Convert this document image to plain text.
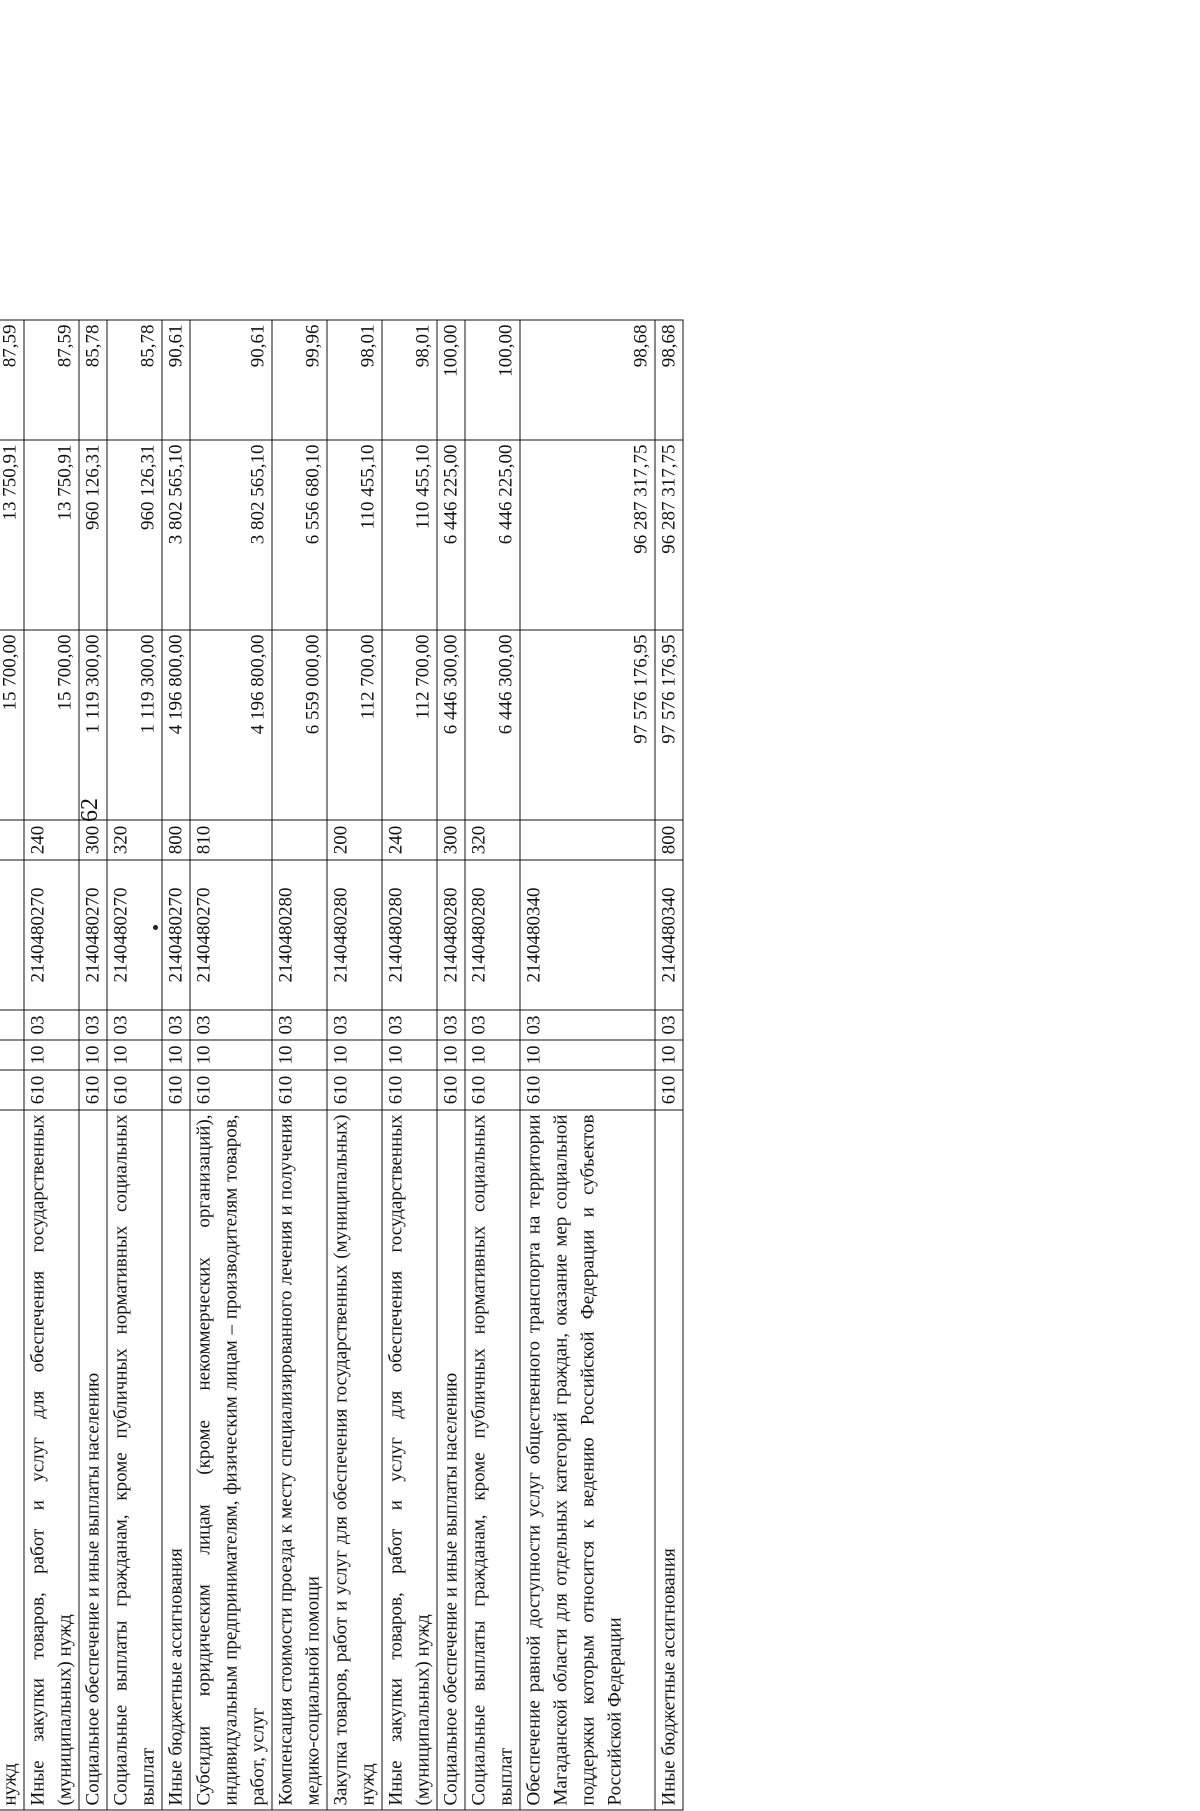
62

нужд						15 700,00	13 750,91	87,59
Иные закупки товаров, работ и услуг для обеспечения государственных (муниципальных) нужд	610	10	03	2140480270	240	15 700,00	13 750,91	87,59
Социальное обеспечение и иные выплаты населению	610	10	03	2140480270	300	1 119 300,00	960 126,31	85,78
Социальные выплаты гражданам, кроме публичных нормативных социальных выплат	610	10	03	2140480270	320	1 119 300,00	960 126,31	85,78
Иные бюджетные ассигнования	610	10	03	2140480270	800	4 196 800,00	3 802 565,10	90,61
Субсидии юридическим лицам (кроме некоммерческих организаций), индивидуальным предпринимателям, физическим лицам – производителям товаров, работ, услуг	610	10	03	2140480270	810	4 196 800,00	3 802 565,10	90,61
Компенсация стоимости проезда к месту специализированного лечения и получения медико-социальной помощи	610	10	03	2140480280		6 559 000,00	6 556 680,10	99,96
Закупка товаров, работ и услуг для обеспечения государственных (муниципальных) нужд	610	10	03	2140480280	200	112 700,00	110 455,10	98,01
Иные закупки товаров, работ и услуг для обеспечения государственных (муниципальных) нужд	610	10	03	2140480280	240	112 700,00	110 455,10	98,01
Социальное обеспечение и иные выплаты населению	610	10	03	2140480280	300	6 446 300,00	6 446 225,00	100,00
Социальные выплаты гражданам, кроме публичных нормативных социальных выплат	610	10	03	2140480280	320	6 446 300,00	6 446 225,00	100,00
Обеспечение равной доступности услуг общественного транспорта на территории Магаданской области для отдельных категорий граждан, оказание мер социальной поддержки которым относится к ведению Российской Федерации и субъектов Российской Федерации	610	10	03	2140480340		97 576 176,95	96 287 317,75	98,68
Иные бюджетные ассигнования	610	10	03	2140480340	800	97 576 176,95	96 287 317,75	98,68
